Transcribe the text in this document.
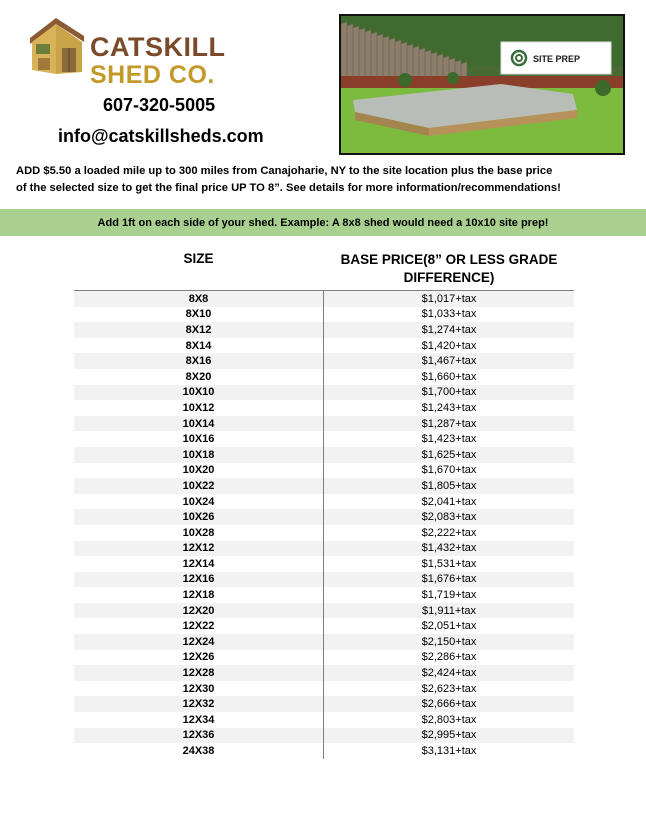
CATSKILL
SHED CO.
607-320-5005
info@catskillsheds.com
SITE PREP
ADD $5.50 a loaded mile up to 300 miles from Canajoharie, NY to the site location plus the base price
of the selected size to get the final price UP TO 8”. See details for more information/recommendations!
Add 1ft on each side of your shed. Example: A 8x8 shed would need a 10x10 site prep!
SIZE	BASE PRICE(8” OR LESS GRADE
DIFFERENCE)
8X8	$1,017+tax
8X10	$1,033+tax
8X12	$1,274+tax
8X14	$1,420+tax
8X16	$1,467+tax
8X20	$1,660+tax
10X10	$1,700+tax
10X12	$1,243+tax
10X14	$1,287+tax
10X16	$1,423+tax
10X18	$1,625+tax
10X20	$1,670+tax
10X22	$1,805+tax
10X24	$2,041+tax
10X26	$2,083+tax
10X28	$2,222+tax
12X12	$1,432+tax
12X14	$1,531+tax
12X16	$1,676+tax
12X18	$1,719+tax
12X20	$1,911+tax
12X22	$2,051+tax
12X24	$2,150+tax
12X26	$2,286+tax
12X28	$2,424+tax
12X30	$2,623+tax
12X32	$2,666+tax
12X34	$2,803+tax
12X36	$2,995+tax
24X38	$3,131+tax
